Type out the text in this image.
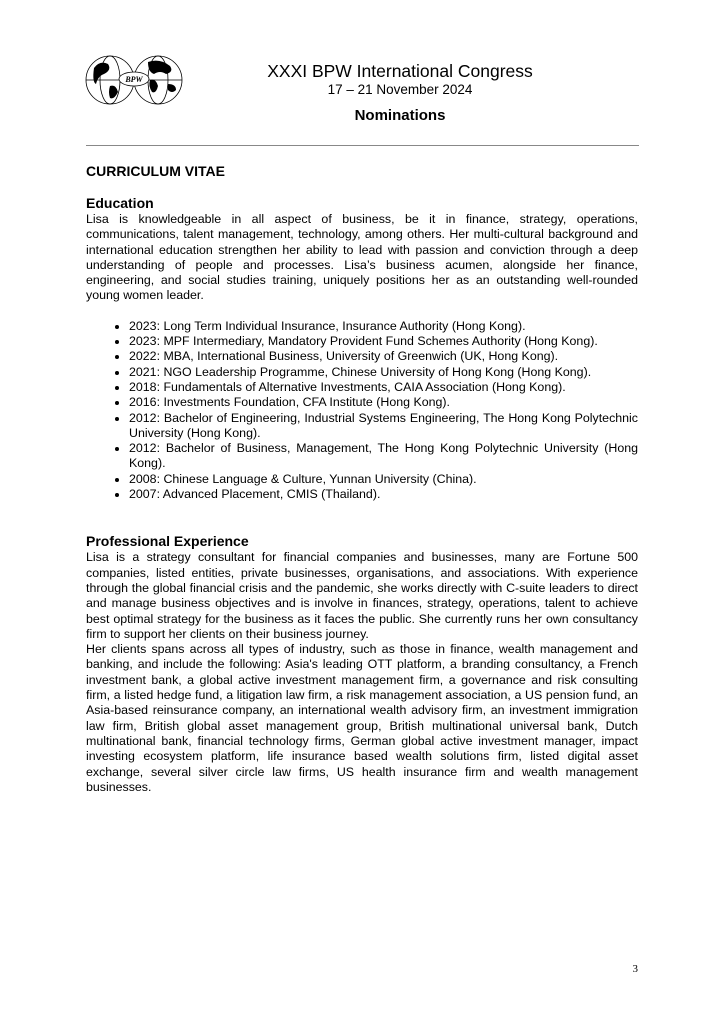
BPW	XXXI BPW International Congress
17 – 21 November 2024
Nominations
CURRICULUM VITAE
Education

Lisa is knowledgeable in all aspect of business, be it in finance, strategy, operations, communications, talent management, technology, among others. Her multi-cultural background and international education strengthen her ability to lead with passion and conviction through a deep understanding of people and processes. Lisa’s business acumen, alongside her finance, engineering, and social studies training, uniquely positions her as an outstanding well-rounded young women leader.

• 2023: Long Term Individual Insurance, Insurance Authority (Hong Kong).
• 2023: MPF Intermediary, Mandatory Provident Fund Schemes Authority (Hong Kong).
• 2022: MBA, International Business, University of Greenwich (UK, Hong Kong).
• 2021: NGO Leadership Programme, Chinese University of Hong Kong (Hong Kong).
• 2018: Fundamentals of Alternative Investments, CAIA Association (Hong Kong).
• 2016: Investments Foundation, CFA Institute (Hong Kong).
• 2012: Bachelor of Engineering, Industrial Systems Engineering, The Hong Kong Polytechnic University (Hong Kong).
• 2012: Bachelor of Business, Management, The Hong Kong Polytechnic University (Hong Kong).
• 2008: Chinese Language & Culture, Yunnan University (China).
• 2007: Advanced Placement, CMIS (Thailand).
Professional Experience

Lisa is a strategy consultant for financial companies and businesses, many are Fortune 500 companies, listed entities, private businesses, organisations, and associations. With experience through the global financial crisis and the pandemic, she works directly with C-suite leaders to direct and manage business objectives and is involve in finances, strategy, operations, talent to achieve best optimal strategy for the business as it faces the public. She currently runs her own consultancy firm to support her clients on their business journey.

Her clients spans across all types of industry, such as those in finance, wealth management and banking, and include the following: Asia's leading OTT platform, a branding consultancy, a French investment bank, a global active investment management firm, a governance and risk consulting firm, a listed hedge fund, a litigation law firm, a risk management association, a US pension fund, an Asia-based reinsurance company, an international wealth advisory firm, an investment immigration law firm, British global asset management group, British multinational universal bank, Dutch multinational bank, financial technology firms, German global active investment manager, impact investing ecosystem platform, life insurance based wealth solutions firm, listed digital asset exchange, several silver circle law firms, US health insurance firm and wealth management businesses.

3
